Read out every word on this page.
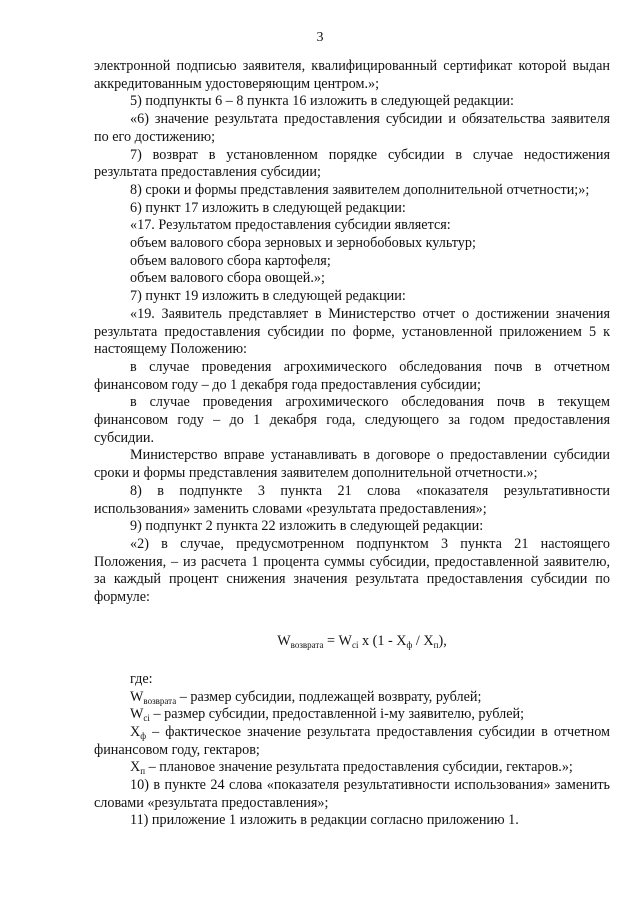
3

электронной подписью заявителя, квалифицированный сертификат которой выдан аккредитованным удостоверяющим центром.»;

5) подпункты 6 – 8 пункта 16 изложить в следующей редакции:

«6) значение результата предоставления субсидии и обязательства заявителя по его достижению;

7) возврат в установленном порядке субсидии в случае недостижения результата предоставления субсидии;

8) сроки и формы представления заявителем дополнительной отчетности;»;

6) пункт 17 изложить в следующей редакции:

«17. Результатом предоставления субсидии является:

объем валового сбора зерновых и зернобобовых культур;

объем валового сбора картофеля;

объем валового сбора овощей.»;

7) пункт 19 изложить в следующей редакции:

«19. Заявитель представляет в Министерство отчет о достижении значения результата предоставления субсидии по форме, установленной приложением 5 к настоящему Положению:

в случае проведения агрохимического обследования почв в отчетном финансовом году – до 1 декабря года предоставления субсидии;

в случае проведения агрохимического обследования почв в текущем финансовом году – до 1 декабря года, следующего за годом предоставления субсидии.

Министерство вправе устанавливать в договоре о предоставлении субсидии сроки и формы представления заявителем дополнительной отчетности.»;

8) в подпункте 3 пункта 21 слова «показателя результативности использования» заменить словами «результата предоставления»;

9) подпункт 2 пункта 22 изложить в следующей редакции:

«2) в случае, предусмотренном подпунктом 3 пункта 21 настоящего Положения, – из расчета 1 процента суммы субсидии, предоставленной заявителю, за каждый процент снижения значения результата предоставления субсидии по формуле:

$W_{возврата} = W_{ci}$ x $(1 - X_ф / X_п)$,

где:

$W_{возврата}$ – размер субсидии, подлежащей возврату, рублей;

$W_{ci}$ – размер субсидии, предоставленной i-му заявителю, рублей;

$X_ф$ – фактическое значение результата предоставления субсидии в отчетном финансовом году, гектаров;

$X_п$ – плановое значение результата предоставления субсидии, гектаров.»;

10) в пункте 24 слова «показателя результативности использования» заменить словами «результата предоставления»;

11) приложение 1 изложить в редакции согласно приложению 1.
